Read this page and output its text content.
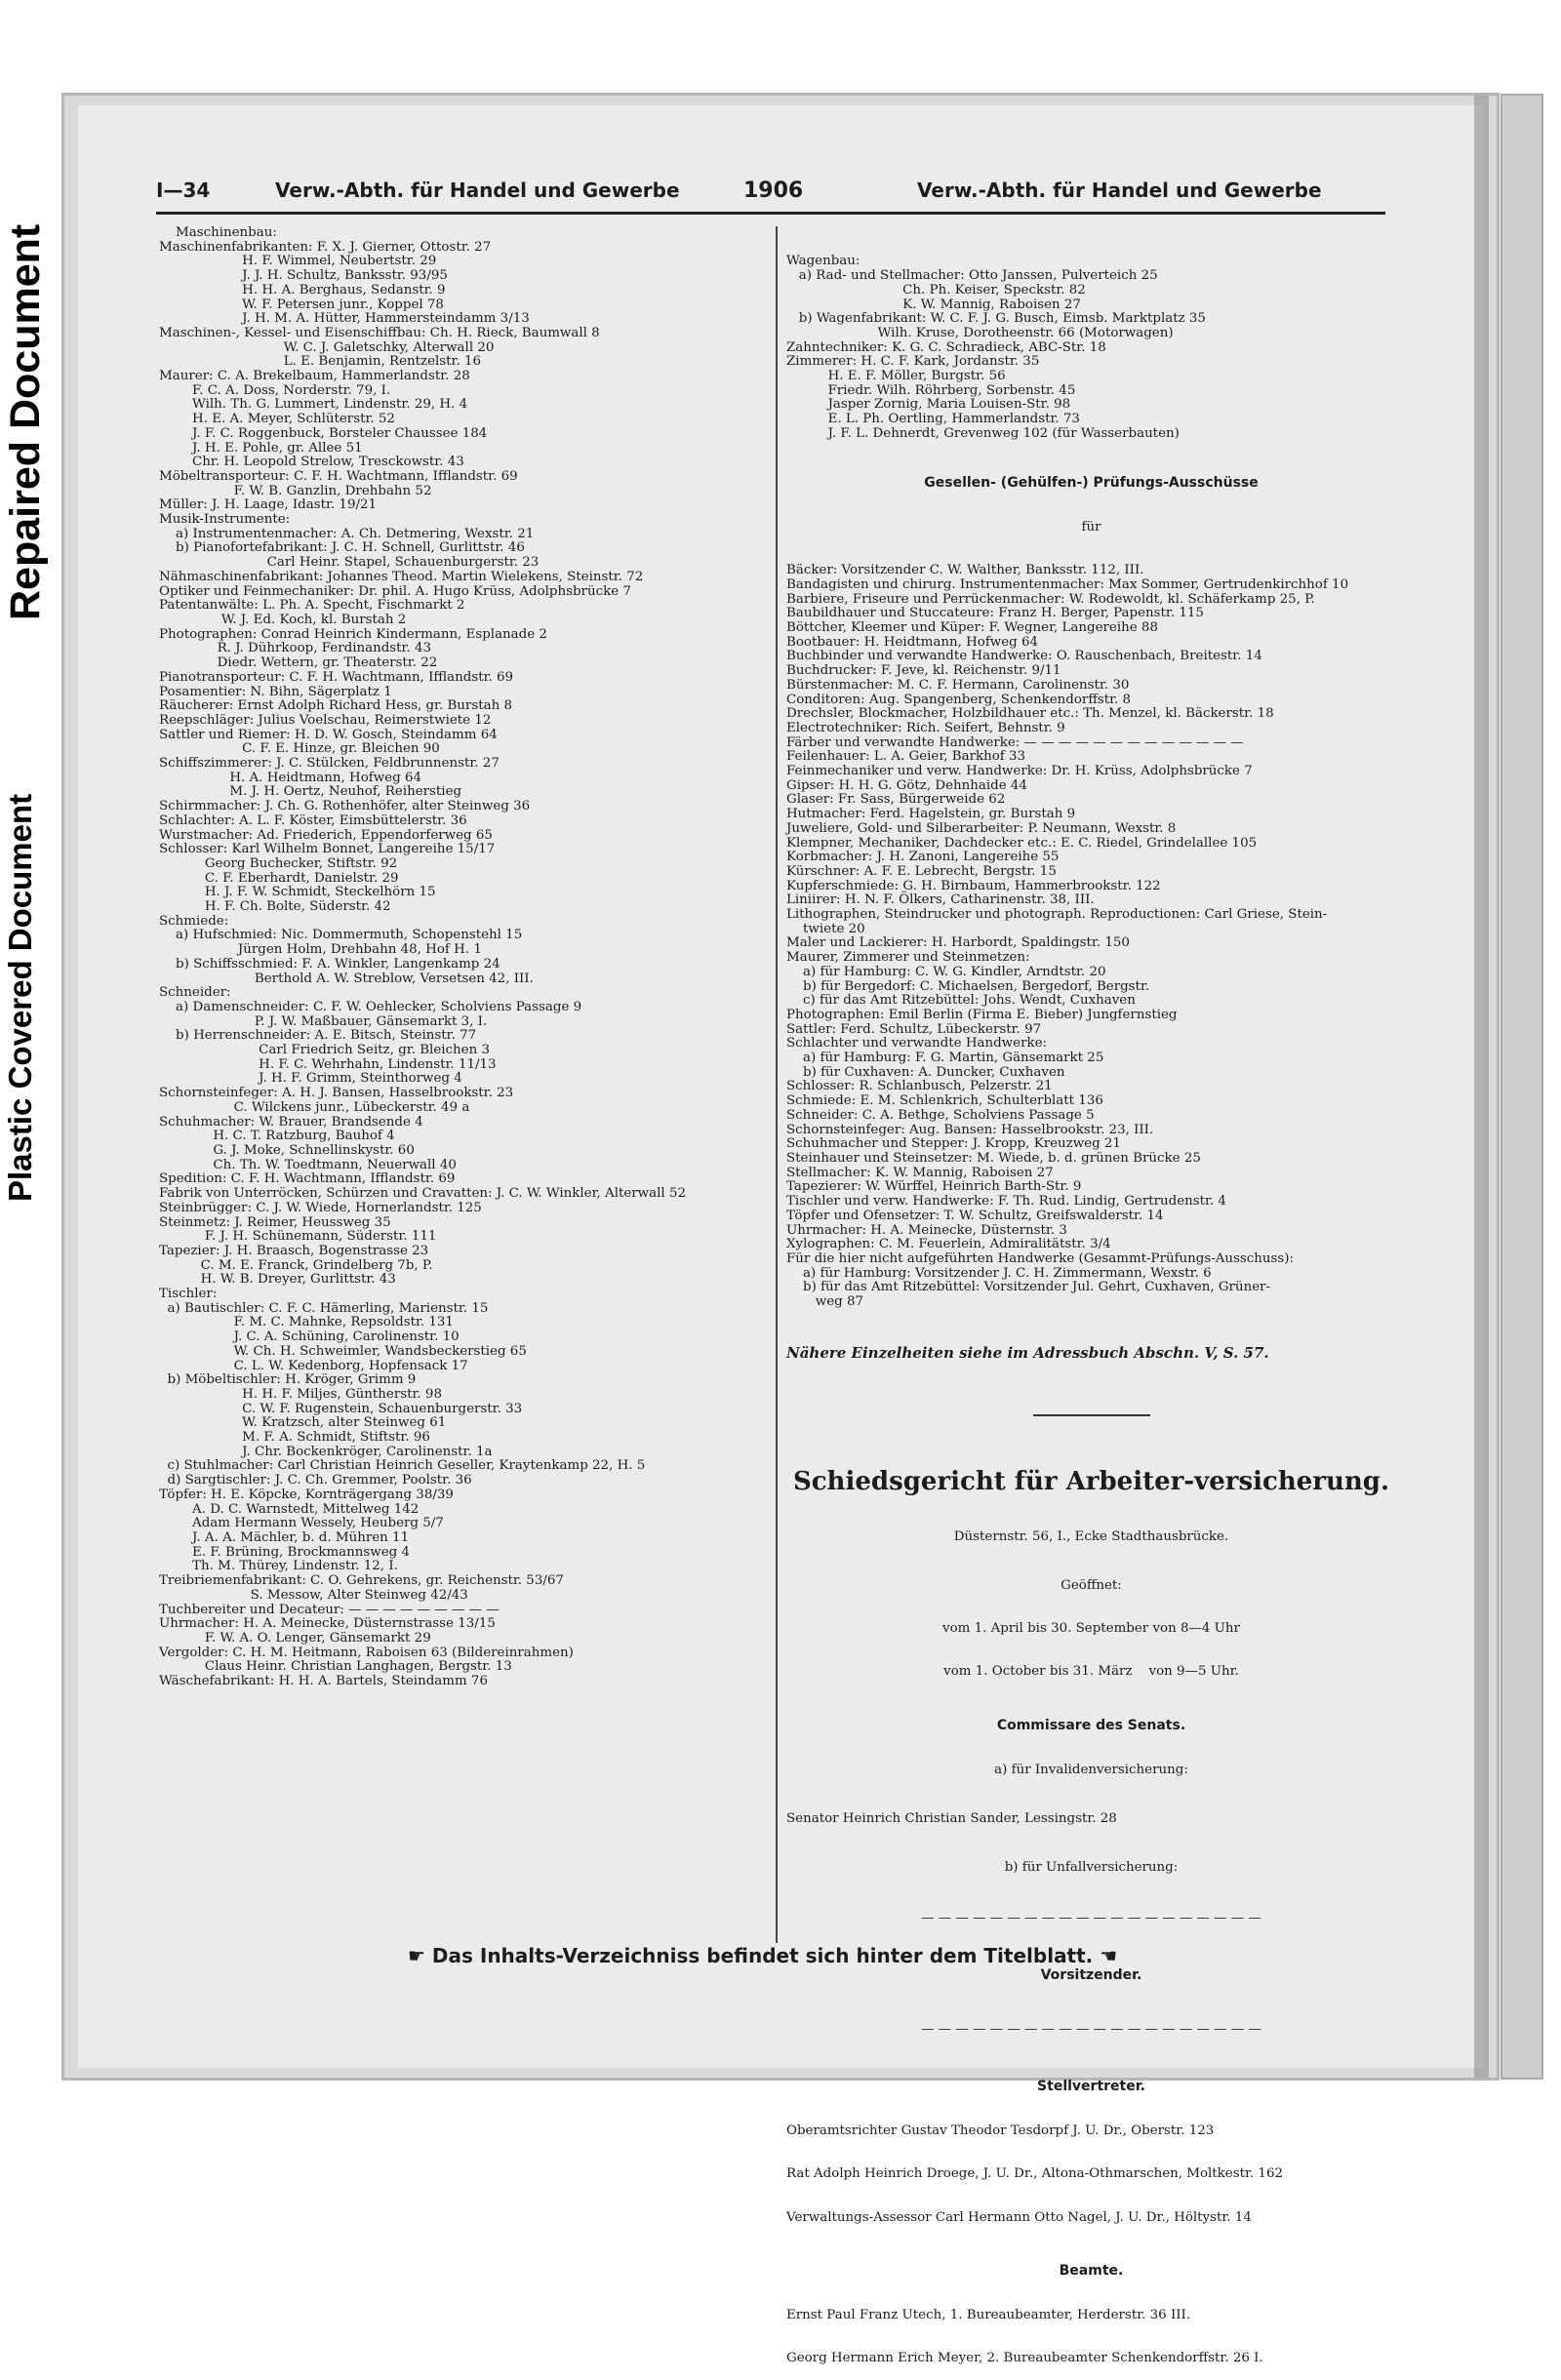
Repaired Document
Plastic Covered Document
I—34	Verw.-Abth. für Handel und Gewerbe	1906	Verw.-Abth. für Handel und Gewerbe
Maschinenbau:
Maschinenfabrikanten: F. X. J. Gierner, Ottostr. 27
H. F. Wimmel, Neubertstr. 29
J. J. H. Schultz, Banksstr. 93/95
H. H. A. Berghaus, Sedanstr. 9
W. F. Petersen junr., Koppel 78
J. H. M. A. Hütter, Hammersteindamm 3/13
Maschinen-, Kessel- und Eisenschiffbau: Ch. H. Rieck, Baumwall 8
W. C. J. Galetschky, Alterwall 20
L. E. Benjamin, Rentzelstr. 16
Maurer: C. A. Brekelbaum, Hammerlandstr. 28
F. C. A. Doss, Norderstr. 79, I.
Wilh. Th. G. Lummert, Lindenstr. 29, H. 4
H. E. A. Meyer, Schlüterstr. 52
J. F. C. Roggenbuck, Borsteler Chaussee 184
J. H. E. Pohle, gr. Allee 51
Chr. H. Leopold Strelow, Tresckowstr. 43
Möbeltransporteur: C. F. H. Wachtmann, Ifflandstr. 69
F. W. B. Ganzlin, Drehbahn 52
Müller: J. H. Laage, Idastr. 19/21
Musik-Instrumente:
a) Instrumentenmacher: A. Ch. Detmering, Wexstr. 21
b) Pianofortefabrikant: J. C. H. Schnell, Gurlittstr. 46
Carl Heinr. Stapel, Schauenburgerstr. 23
Nähmaschinenfabrikant: Johannes Theod. Martin Wielekens, Steinstr. 72
Optiker und Feinmechaniker: Dr. phil. A. Hugo Krüss, Adolphsbrücke 7
Patentanwälte: L. Ph. A. Specht, Fischmarkt 2
W. J. Ed. Koch, kl. Burstah 2
Photographen: Conrad Heinrich Kindermann, Esplanade 2
R. J. Dührkoop, Ferdinandstr. 43
Diedr. Wettern, gr. Theaterstr. 22
Pianotransporteur: C. F. H. Wachtmann, Ifflandstr. 69
Posamentier: N. Bihn, Sägerplatz 1
Räucherer: Ernst Adolph Richard Hess, gr. Burstah 8
Reepschläger: Julius Voelschau, Reimerstwiete 12
Sattler und Riemer: H. D. W. Gosch, Steindamm 64
C. F. E. Hinze, gr. Bleichen 90
Schiffszimmerer: J. C. Stülcken, Feldbrunnenstr. 27
H. A. Heidtmann, Hofweg 64
M. J. H. Oertz, Neuhof, Reiherstieg
Schirmmacher: J. Ch. G. Rothenhöfer, alter Steinweg 36
Schlachter: A. L. F. Köster, Eimsbüttelerstr. 36
Wurstmacher: Ad. Friederich, Eppendorferweg 65
Schlosser: Karl Wilhelm Bonnet, Langereihe 15/17
Georg Buchecker, Stiftstr. 92
C. F. Eberhardt, Danielstr. 29
H. J. F. W. Schmidt, Steckelhörn 15
H. F. Ch. Bolte, Süderstr. 42
Schmiede:
a) Hufschmied: Nic. Dommermuth, Schopenstehl 15
Jürgen Holm, Drehbahn 48, Hof H. 1
b) Schiffsschmied: F. A. Winkler, Langenkamp 24
Berthold A. W. Streblow, Versetsen 42, III.
Schneider:
a) Damenschneider: C. F. W. Oehlecker, Scholviens Passage 9
P. J. W. Maßbauer, Gänsemarkt 3, I.
b) Herrenschneider: A. E. Bitsch, Steinstr. 77
Carl Friedrich Seitz, gr. Bleichen 3
H. F. C. Wehrhahn, Lindenstr. 11/13
J. H. F. Grimm, Steinthorweg 4
Schornsteinfeger: A. H. J. Bansen, Hasselbrookstr. 23
C. Wilckens junr., Lübeckerstr. 49 a
Schuhmacher: W. Brauer, Brandsende 4
H. C. T. Ratzburg, Bauhof 4
G. J. Moke, Schnellinskystr. 60
Ch. Th. W. Toedtmann, Neuerwall 40
Spedition: C. F. H. Wachtmann, Ifflandstr. 69
Fabrik von Unterröcken, Schürzen und Cravatten: J. C. W. Winkler, Alterwall 52
Steinbrügger: C. J. W. Wiede, Hornerlandstr. 125
Steinmetz: J. Reimer, Heussweg 35
F. J. H. Schünemann, Süderstr. 111
Tapezier: J. H. Braasch, Bogenstrasse 23
C. M. E. Franck, Grindelberg 7b, P.
H. W. B. Dreyer, Gurlittstr. 43
Tischler:
a) Bautischler: C. F. C. Hämerling, Marienstr. 15
F. M. C. Mahnke, Repsoldstr. 131
J. C. A. Schüning, Carolinenstr. 10
W. Ch. H. Schweimler, Wandsbeckerstieg 65
C. L. W. Kedenborg, Hopfensack 17
b) Möbeltischler: H. Kröger, Grimm 9
H. H. F. Miljes, Güntherstr. 98
C. W. F. Rugenstein, Schauenburgerstr. 33
W. Kratzsch, alter Steinweg 61
M. F. A. Schmidt, Stiftstr. 96
J. Chr. Bockenkröger, Carolinenstr. 1a
c) Stuhlmacher: Carl Christian Heinrich Geseller, Kraytenkamp 22, H. 5
d) Sargtischler: J. C. Ch. Gremmer, Poolstr. 36
Töpfer: H. E. Köpcke, Kornträgergang 38/39
A. D. C. Warnstedt, Mittelweg 142
Adam Hermann Wessely, Heuberg 5/7
J. A. A. Mächler, b. d. Mühren 11
E. F. Brüning, Brockmannsweg 4
Th. M. Thürey, Lindenstr. 12, I.
Treibriemenfabrikant: C. O. Gehrekens, gr. Reichenstr. 53/67
S. Messow, Alter Steinweg 42/43
Tuchbereiter und Decateur: — — — — — — — — —
Uhrmacher: H. A. Meinecke, Düsternstrasse 13/15
F. W. A. O. Lenger, Gänsemarkt 29
Vergolder: C. H. M. Heitmann, Raboisen 63 (Bildereinrahmen)
Claus Heinr. Christian Langhagen, Bergstr. 13
Wäschefabrikant: H. H. A. Bartels, Steindamm 76

Wagenbau:
a) Rad- und Stellmacher: Otto Janssen, Pulverteich 25
Ch. Ph. Keiser, Speckstr. 82
K. W. Mannig, Raboisen 27
b) Wagenfabrikant: W. C. F. J. G. Busch, Eimsb. Marktplatz 35
Wilh. Kruse, Dorotheenstr. 66 (Motorwagen)
Zahntechniker: K. G. C. Schradieck, ABC-Str. 18
Zimmerer: H. C. F. Kark, Jordanstr. 35
H. E. F. Möller, Burgstr. 56
Friedr. Wilh. Röhrberg, Sorbenstr. 45
Jasper Zornig, Maria Louisen-Str. 98
E. L. Ph. Oertling, Hammerlandstr. 73
J. F. L. Dehnerdt, Grevenweg 102 (für Wasserbauten)

Gesellen- (Gehülfen-) Prüfungs-Ausschüsse

für

Bäcker: Vorsitzender C. W. Walther, Banksstr. 112, III.
Bandagisten und chirurg. Instrumentenmacher: Max Sommer, Gertrudenkirchhof 10
Barbiere, Friseure und Perrückenmacher: W. Rodewoldt, kl. Schäferkamp 25, P.
Baubildhauer und Stuccateure: Franz H. Berger, Papenstr. 115
Böttcher, Kleemer und Küper: F. Wegner, Langereihe 88
Bootbauer: H. Heidtmann, Hofweg 64
Buchbinder und verwandte Handwerke: O. Rauschenbach, Breitestr. 14
Buchdrucker: F. Jeve, kl. Reichenstr. 9/11
Bürstenmacher: M. C. F. Hermann, Carolinenstr. 30
Conditoren: Aug. Spangenberg, Schenkendorffstr. 8
Drechsler, Blockmacher, Holzbildhauer etc.: Th. Menzel, kl. Bäckerstr. 18
Electrotechniker: Rich. Seifert, Behnstr. 9
Färber und verwandte Handwerke: — — — — — — — — — — — — —
Feilenhauer: L. A. Geier, Barkhof 33
Feinmechaniker und verw. Handwerke: Dr. H. Krüss, Adolphsbrücke 7
Gipser: H. H. G. Götz, Dehnhaide 44
Glaser: Fr. Sass, Bürgerweide 62
Hutmacher: Ferd. Hagelstein, gr. Burstah 9
Juweliere, Gold- und Silberarbeiter: P. Neumann, Wexstr. 8
Klempner, Mechaniker, Dachdecker etc.: E. C. Riedel, Grindelallee 105
Korbmacher: J. H. Zanoni, Langereihe 55
Kürschner: A. F. E. Lebrecht, Bergstr. 15
Kupferschmiede: G. H. Birnbaum, Hammerbrookstr. 122
Liniirer: H. N. F. Ölkers, Catharinenstr. 38, III.
Lithographen, Steindrucker und photograph. Reproductionen: Carl Griese, Stein-
twiete 20
Maler und Lackierer: H. Harbordt, Spaldingstr. 150
Maurer, Zimmerer und Steinmetzen:
a) für Hamburg: C. W. G. Kindler, Arndtstr. 20
b) für Bergedorf: C. Michaelsen, Bergedorf, Bergstr.
c) für das Amt Ritzebüttel: Johs. Wendt, Cuxhaven
Photographen: Emil Berlin (Firma E. Bieber) Jungfernstieg
Sattler: Ferd. Schultz, Lübeckerstr. 97
Schlachter und verwandte Handwerke:
a) für Hamburg: F. G. Martin, Gänsemarkt 25
b) für Cuxhaven: A. Duncker, Cuxhaven
Schlosser: R. Schlanbusch, Pelzerstr. 21
Schmiede: E. M. Schlenkrich, Schulterblatt 136
Schneider: C. A. Bethge, Scholviens Passage 5
Schornsteinfeger: Aug. Bansen: Hasselbrookstr. 23, III.
Schuhmacher und Stepper: J. Kropp, Kreuzweg 21
Steinhauer und Steinsetzer: M. Wiede, b. d. grünen Brücke 25
Stellmacher: K. W. Mannig, Raboisen 27
Tapezierer: W. Würffel, Heinrich Barth-Str. 9
Tischler und verw. Handwerke: F. Th. Rud. Lindig, Gertrudenstr. 4
Töpfer und Ofensetzer: T. W. Schultz, Greifswalderstr. 14
Uhrmacher: H. A. Meinecke, Düsternstr. 3
Xylographen: C. M. Feuerlein, Admiralitätstr. 3/4
Für die hier nicht aufgeführten Handwerke (Gesammt-Prüfungs-Ausschuss):
a) für Hamburg: Vorsitzender J. C. H. Zimmermann, Wexstr. 6
b) für das Amt Ritzebüttel: Vorsitzender Jul. Gehrt, Cuxhaven, Grüner-
weg 87

Nähere Einzelheiten siehe im Adressbuch Abschn. V, S. 57.

Schiedsgericht für Arbeiter-versicherung.

Düsternstr. 56, I., Ecke Stadthausbrücke.

Geöffnet:

vom 1. April bis 30. September von 8—4 Uhr

vom 1. October bis 31. März    von 9—5 Uhr.

Commissare des Senats.

a) für Invalidenversicherung:

Senator Heinrich Christian Sander, Lessingstr. 28

b) für Unfallversicherung:

— — — — — — — — — — — — — — — — — — — —

Vorsitzender.

— — — — — — — — — — — — — — — — — — — —

Stellvertreter.

Oberamtsrichter Gustav Theodor Tesdorpf J. U. Dr., Oberstr. 123

Rat Adolph Heinrich Droege, J. U. Dr., Altona-Othmarschen, Moltkestr. 162

Verwaltungs-Assessor Carl Hermann Otto Nagel, J. U. Dr., Höltystr. 14

Beamte.

Ernst Paul Franz Utech, 1. Bureaubeamter, Herderstr. 36 III.

Georg Hermann Erich Meyer, 2. Bureaubeamter Schenkendorffstr. 26 I.

☛ Das Inhalts-Verzeichniss befindet sich hinter dem Titelblatt. ☚
